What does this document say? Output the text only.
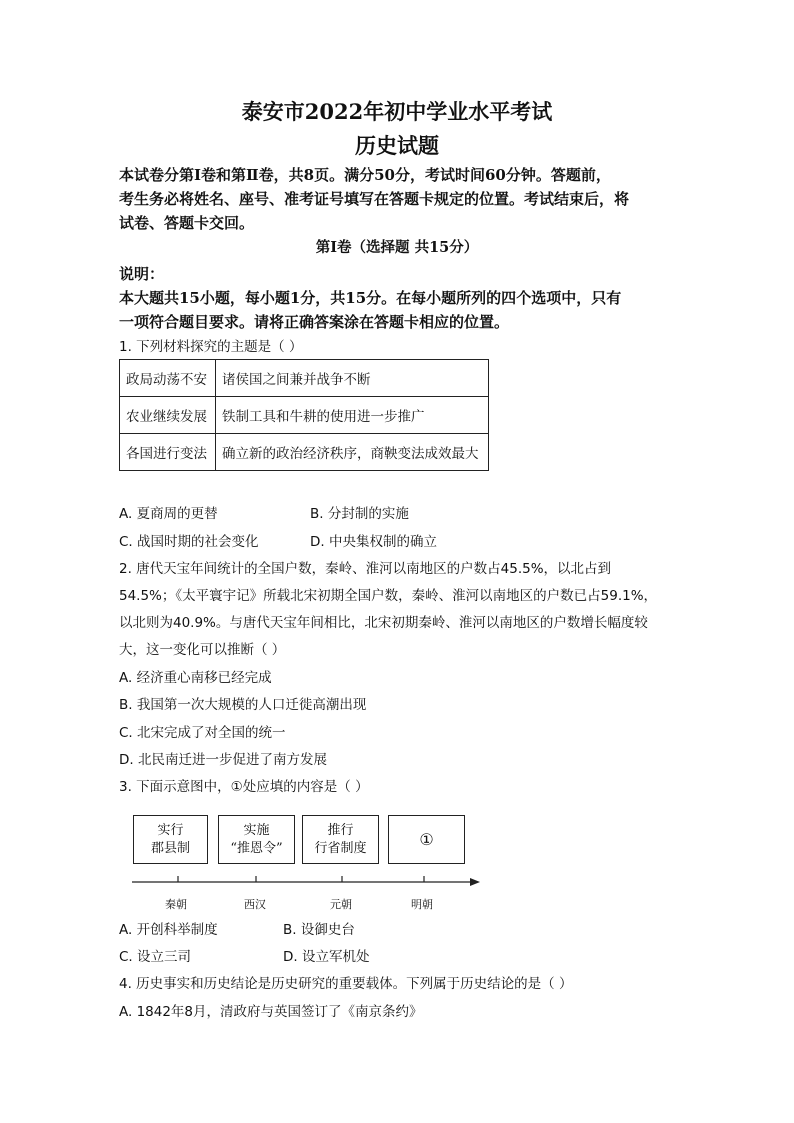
泰安市2022年初中学业水平考试
历史试题
本试卷分第Ⅰ卷和第Ⅱ卷，共8页。满分50分，考试时间60分钟。答题前，
考生务必将姓名、座号、准考证号填写在答题卡规定的位置。考试结束后，将
试卷、答题卡交回。
第Ⅰ卷（选择题 共15分）
说明：
本大题共15小题，每小题1分，共15分。在每小题所列的四个选项中，只有
一项符合题目要求。请将正确答案涂在答题卡相应的位置。
1. 下列材料探究的主题是（ ）
政局动荡不安	诸侯国之间兼并战争不断
农业继续发展	铁制工具和牛耕的使用进一步推广
各国进行变法	确立新的政治经济秩序，商鞅变法成效最大
A. 夏商周的更替	B. 分封制的实施
C. 战国时期的社会变化	D. 中央集权制的确立
2. 唐代天宝年间统计的全国户数，秦岭、淮河以南地区的户数占45.5%，以北占到
54.5%；《太平寰宇记》所载北宋初期全国户数，秦岭、淮河以南地区的户数已占59.1%，
以北则为40.9%。与唐代天宝年间相比，北宋初期秦岭、淮河以南地区的户数增长幅度较
大，这一变化可以推断（ ）
A. 经济重心南移已经完成
B. 我国第一次大规模的人口迁徙高潮出现
C. 北宋完成了对全国的统一
D. 北民南迁进一步促进了南方发展
3. 下面示意图中，①处应填的内容是（ ）
实行
郡县制
实施
“推恩令”
推行
行省制度	①
秦朝	西汉	元朝	明朝
A. 开创科举制度	B. 设御史台
C. 设立三司	D. 设立军机处
4. 历史事实和历史结论是历史研究的重要载体。下列属于历史结论的是（ ）
A. 1842年8月，清政府与英国签订了《南京条约》
